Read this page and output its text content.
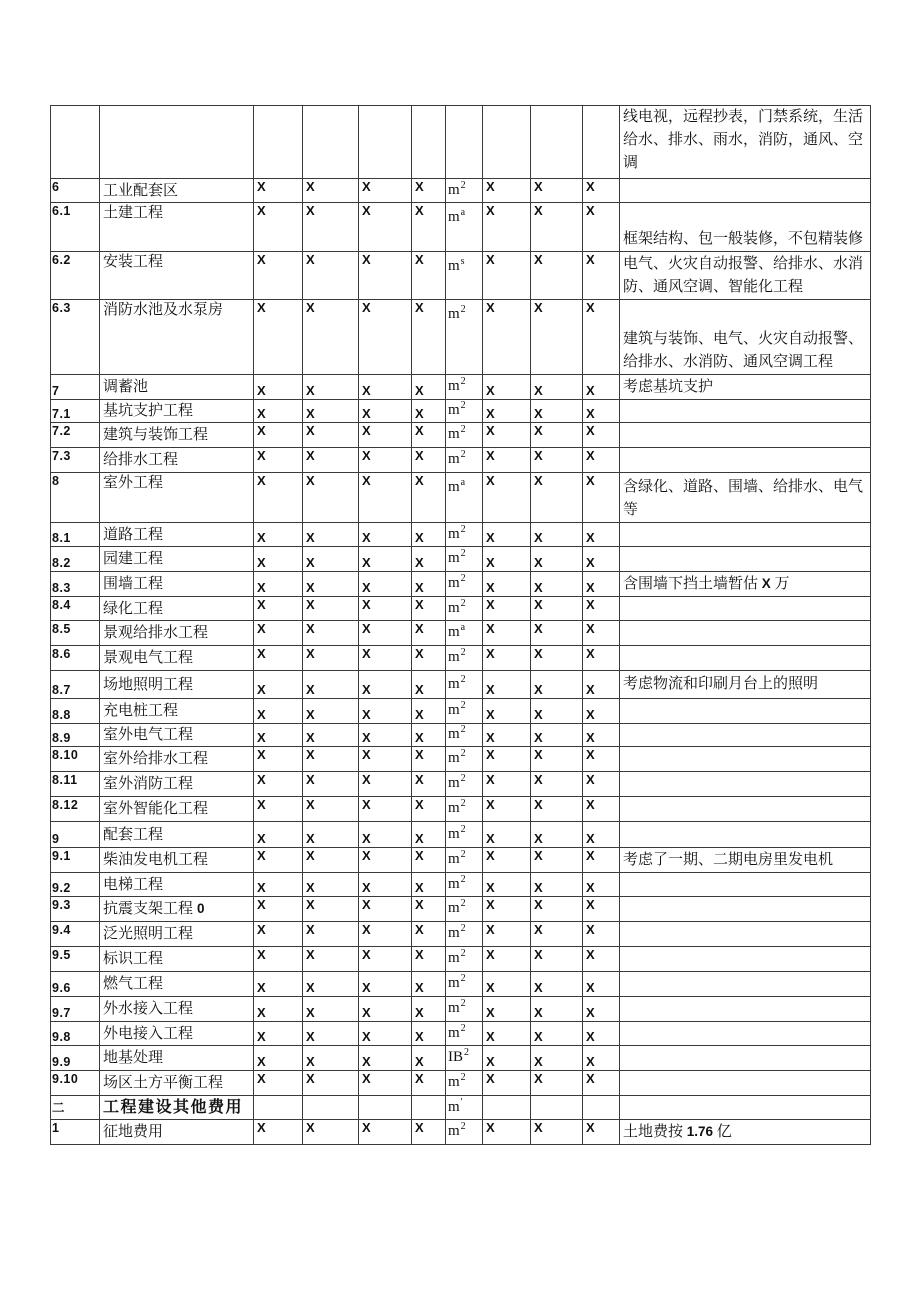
										线电视，远程抄表，门禁系统，生活给水、排水、雨水，消防，通风、空调
6	工业配套区	X	X	X	X	$m^2$	X	X	X	
6.1	土建工程	X	X	X	X	$m^a$	X	X	X	框架结构、包一般装修，不包精装修
6.2	安装工程	X	X	X	X	$m^s$	X	X	X	电气、火灾自动报警、给排水、水消防、通风空调、智能化工程
6.3	消防水池及水泵房	X	X	X	X	$m^2$	X	X	X	建筑与装饰、电气、火灾自动报警、给排水、水消防、通风空调工程
7	调蓄池	X	X	X	X	$m^2$	X	X	X	考虑基坑支护
7.1	基坑支护工程	X	X	X	X	$m^2$	X	X	X	
7.2	建筑与装饰工程	X	X	X	X	$m^2$	X	X	X	
7.3	给排水工程	X	X	X	X	$m^2$	X	X	X	
8	室外工程	X	X	X	X	$m^a$	X	X	X	含绿化、道路、围墙、给排水、电气等
8.1	道路工程	X	X	X	X	$m^2$	X	X	X	
8.2	园建工程	X	X	X	X	$m^2$	X	X	X	
8.3	围墙工程	X	X	X	X	$m^2$	X	X	X	含围墙下挡土墙暂估 X 万
8.4	绿化工程	X	X	X	X	$m^2$	X	X	X	
8.5	景观给排水工程	X	X	X	X	$m^a$	X	X	X	
8.6	景观电气工程	X	X	X	X	$m^2$	X	X	X	
8.7	场地照明工程	X	X	X	X	$m^2$	X	X	X	考虑物流和印刷月台上的照明
8.8	充电桩工程	X	X	X	X	$m^2$	X	X	X	
8.9	室外电气工程	X	X	X	X	$m^2$	X	X	X	
8.10	室外给排水工程	X	X	X	X	$m^2$	X	X	X	
8.11	室外消防工程	X	X	X	X	$m^2$	X	X	X	
8.12	室外智能化工程	X	X	X	X	$m^2$	X	X	X	
9	配套工程	X	X	X	X	$m^2$	X	X	X	
9.1	柴油发电机工程	X	X	X	X	$m^2$	X	X	X	考虑了一期、二期电房里发电机
9.2	电梯工程	X	X	X	X	$m^2$	X	X	X	
9.3	抗震支架工程 0	X	X	X	X	$m^2$	X	X	X	
9.4	泛光照明工程	X	X	X	X	$m^2$	X	X	X	
9.5	标识工程	X	X	X	X	$m^2$	X	X	X	
9.6	燃气工程	X	X	X	X	$m^2$	X	X	X	
9.7	外水接入工程	X	X	X	X	$m^2$	X	X	X	
9.8	外电接入工程	X	X	X	X	$m^2$	X	X	X	
9.9	地基处理	X	X	X	X	$IB^2$	X	X	X	
9.10	场区土方平衡工程	X	X	X	X	$m^2$	X	X	X	
二	工程建设其他费用					m'				
1	征地费用	X	X	X	X	$m^2$	X	X	X	土地费按 1.76 亿
